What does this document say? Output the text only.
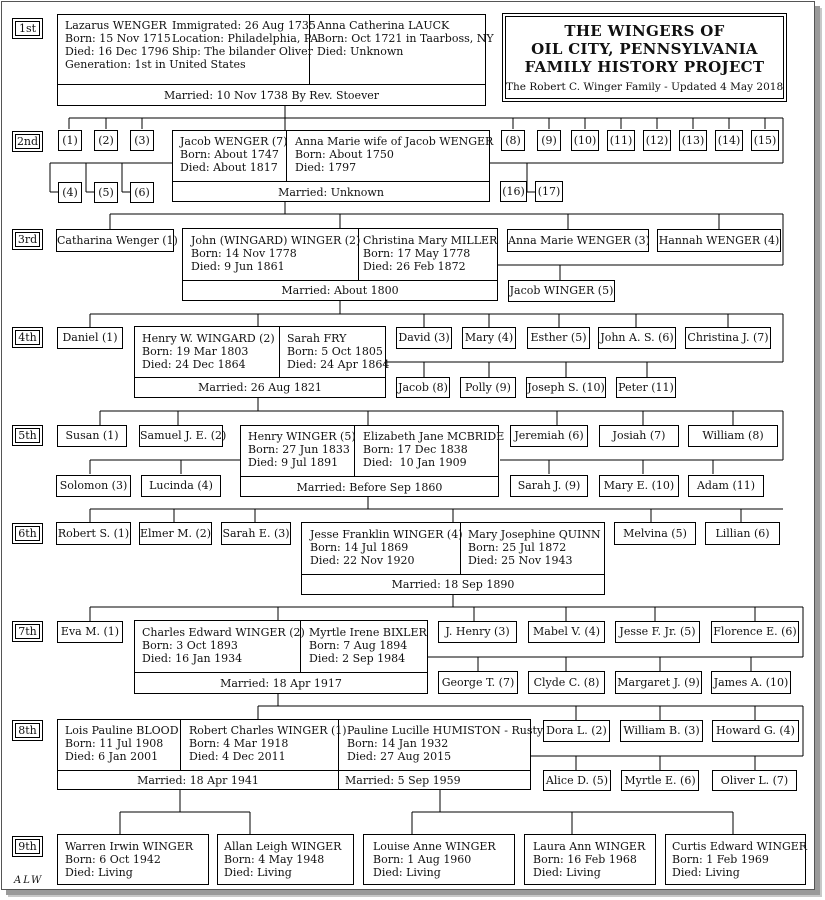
1st
2nd
3rd
4th
5th
6th
7th
8th
9th
THE WINGERS OF
OIL CITY, PENNSYLVANIA
FAMILY HISTORY PROJECT
The Robert C. Winger Family - Updated 4 May 2018
Lazarus WENGER
Born: 15 Nov 1715
Died: 16 Dec 1796
Generation: 1st in United States
Immigrated: 26 Aug 1735
Location: Philadelphia, PA
Ship: The bilander Oliver
Anna Catherina LAUCK
Born: Oct 1721 in Taarboss, NY
Died: Unknown
Married: 10 Nov 1738 By Rev. Stoever
(1)	(2)	(3)
(4)	(5)	(6)
Jacob WENGER (7)
Born: About 1747
Died: About 1817
Anna Marie wife of Jacob WENGER
Born: About 1750
Died: 1797
Married: Unknown
(8)	(9)	(10) (11) (12) (13) (14) (15)
(16) (17)
Catharina Wenger (1) John (WINGARD) WINGER (2)
Born: 14 Nov 1778
Died: 9 Jun 1861
Christina Mary MILLER
Born: 17 May 1778
Died: 26 Feb 1872
Married: About 1800
Anna Marie WENGER (3) Hannah WENGER (4)
Jacob WINGER (5)
Daniel (1)	Henry W. WINGARD (2)
Born: 19 Mar 1803
Died: 24 Dec 1864
Sarah FRY
Born: 5 Oct 1805
Died: 24 Apr 1864
Married: 26 Aug 1821
David (3) Mary (4)	Esther (5)	John A. S. (6) Christina J. (7)
Jacob (8)	Polly (9)	Joseph S. (10) Peter (11)
Susan (1)	Samuel J. E. (2)
Solomon (3)	Lucinda (4)
Henry WINGER (5)
Born: 27 Jun 1833
Died: 9 Jul 1891
Elizabeth Jane MCBRIDE
Born: 17 Dec 1838
Died:  10 Jan 1909
Married: Before Sep 1860
Jeremiah (6)	Josiah (7)	William (8)
Sarah J. (9)	Mary E. (10)	Adam (11)
Robert S. (1) Elmer M. (2) Sarah E. (3) Jesse Franklin WINGER (4)
Born: 14 Jul 1869
Died: 22 Nov 1920
Mary Josephine QUINN
Born: 25 Jul 1872
Died: 25 Nov 1943
Married: 18 Sep 1890
Melvina (5)	Lillian (6)
Eva M. (1)	Charles Edward WINGER (2)
Born: 3 Oct 1893
Died: 16 Jan 1934
Myrtle Irene BIXLER
Born: 7 Aug 1894
Died: 2 Sep 1984
Married: 18 Apr 1917
J. Henry (3)	Mabel V. (4)	Jesse F. Jr. (5)	Florence E. (6)
George T. (7)	Clyde C. (8)	Margaret J. (9) James A. (10)
Lois Pauline BLOOD
Born: 11 Jul 1908
Died: 6 Jan 2001
Robert Charles WINGER (1)
Born: 4 Mar 1918
Died: 4 Dec 2011
Pauline Lucille HUMISTON - Rusty
Born: 14 Jan 1932
Died: 27 Aug 2015
Married: 18 Apr 1941	Married: 5 Sep 1959
Dora L. (2)	William B. (3)	Howard G. (4)
Alice D. (5)	Myrtle E. (6)	Oliver L. (7)
Warren Irwin WINGER
Born: 6 Oct 1942
Died: Living
Allan Leigh WINGER
Born: 4 May 1948
Died: Living
Louise Anne WINGER
Born: 1 Aug 1960
Died: Living
Laura Ann WINGER
Born: 16 Feb 1968
Died: Living
Curtis Edward WINGER
Born: 1 Feb 1969
Died: Living
ALW
